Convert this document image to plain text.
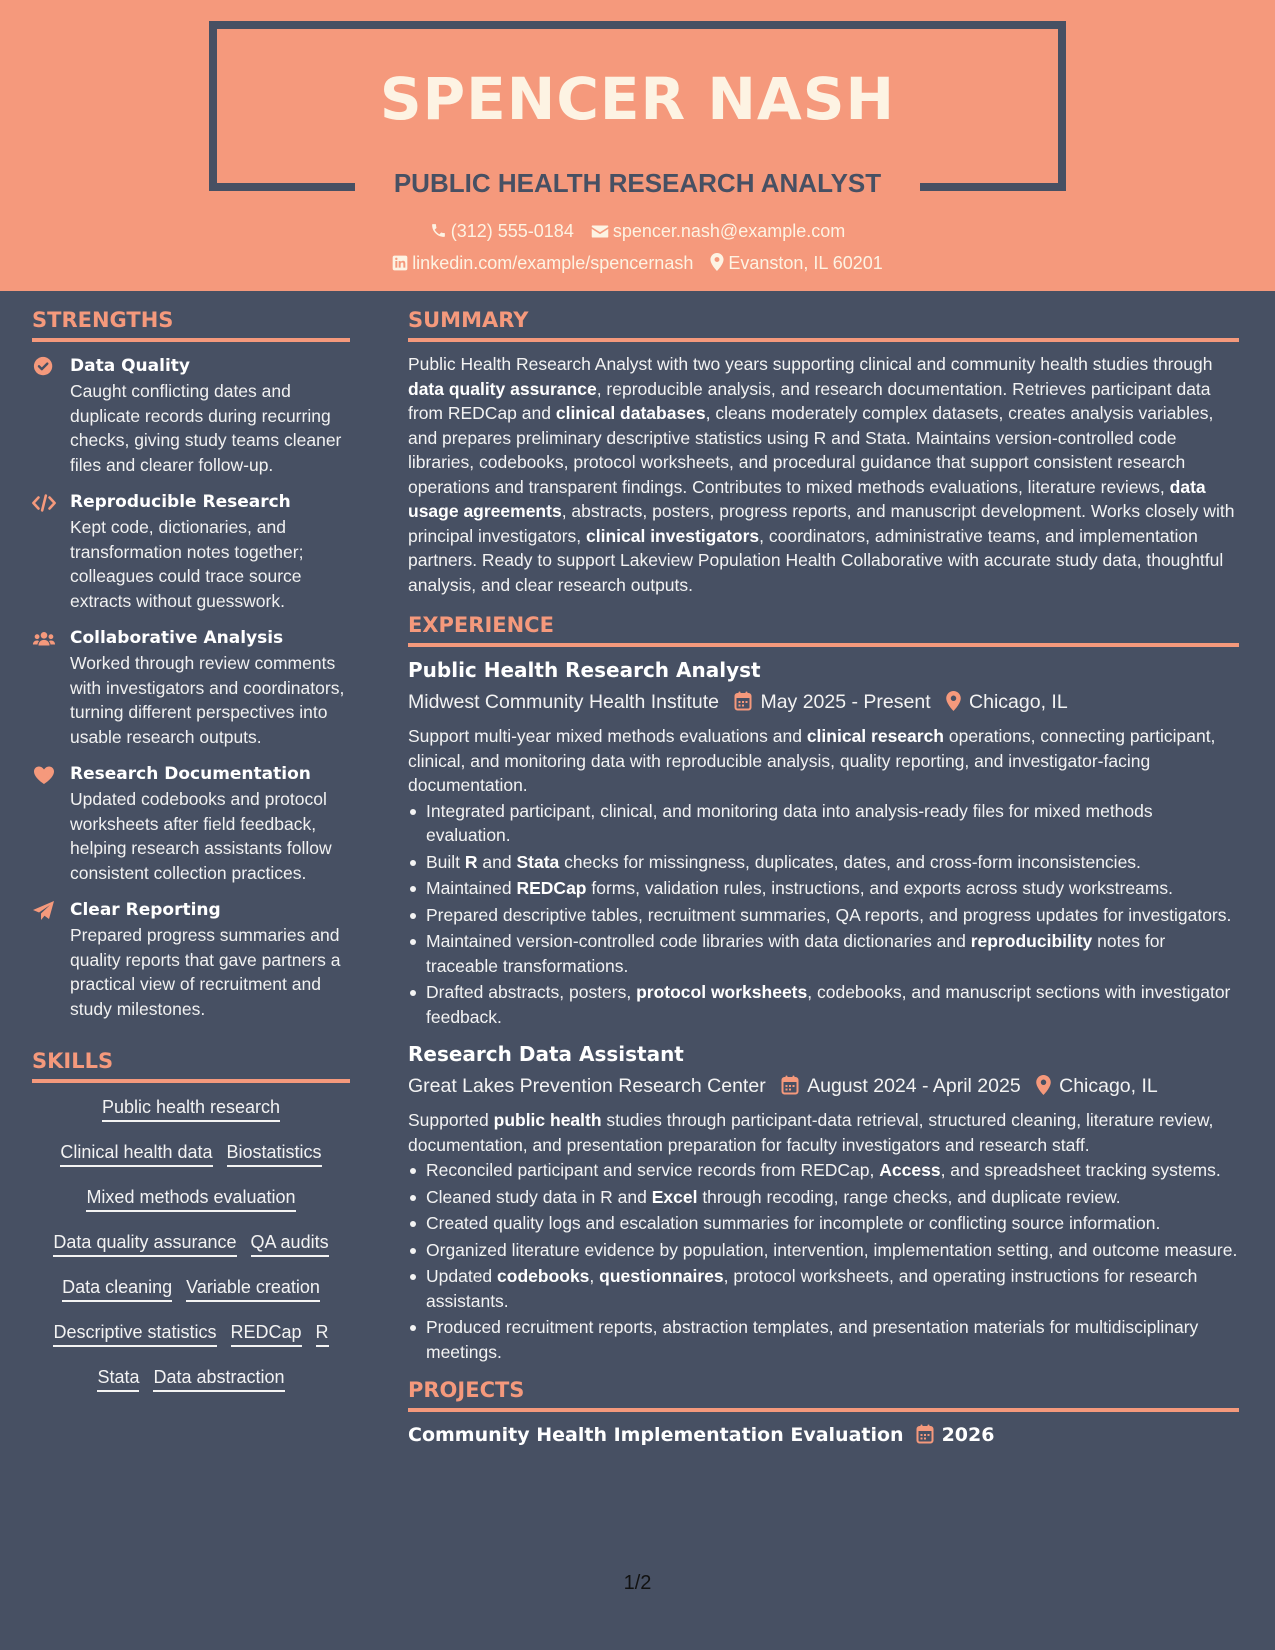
SPENCER NASH
PUBLIC HEALTH RESEARCH ANALYST
(312) 555-0184 spencer.nash@example.com
linkedin.com/example/spencernash Evanston, IL 60201
STRENGTHS
Data Quality
Caught conflicting dates and duplicate records during recurring checks, giving study teams cleaner files and clearer follow-up.
Reproducible Research
Kept code, dictionaries, and transformation notes together; colleagues could trace source extracts without guesswork.
Collaborative Analysis
Worked through review comments with investigators and coordinators, turning different perspectives into usable research outputs.
Research Documentation
Updated codebooks and protocol worksheets after field feedback, helping research assistants follow consistent collection practices.
Clear Reporting
Prepared progress summaries and quality reports that gave partners a practical view of recruitment and study milestones.
SKILLS
Public health research
Clinical health data Biostatistics
Mixed methods evaluation
Data quality assurance QA audits
Data cleaning Variable creation
Descriptive statistics REDCap R
Stata Data abstraction
SUMMARY
Public Health Research Analyst with two years supporting clinical and community health studies through data quality assurance, reproducible analysis, and research documentation. Retrieves participant data from REDCap and clinical databases, cleans moderately complex datasets, creates analysis variables, and prepares preliminary descriptive statistics using R and Stata. Maintains version-controlled code libraries, codebooks, protocol worksheets, and procedural guidance that support consistent research operations and transparent findings. Contributes to mixed methods evaluations, literature reviews, data usage agreements, abstracts, posters, progress reports, and manuscript development. Works closely with principal investigators, clinical investigators, coordinators, administrative teams, and implementation partners. Ready to support Lakeview Population Health Collaborative with accurate study data, thoughtful analysis, and clear research outputs.
EXPERIENCE
Public Health Research Analyst
Midwest Community Health Institute May 2025 - Present Chicago, IL
Support multi-year mixed methods evaluations and clinical research operations, connecting participant, clinical, and monitoring data with reproducible analysis, quality reporting, and investigator-facing documentation.
Integrated participant, clinical, and monitoring data into analysis-ready files for mixed methods evaluation.
Built R and Stata checks for missingness, duplicates, dates, and cross-form inconsistencies.
Maintained REDCap forms, validation rules, instructions, and exports across study workstreams.
Prepared descriptive tables, recruitment summaries, QA reports, and progress updates for investigators.
Maintained version-controlled code libraries with data dictionaries and reproducibility notes for traceable transformations.
Drafted abstracts, posters, protocol worksheets, codebooks, and manuscript sections with investigator feedback.
Research Data Assistant
Great Lakes Prevention Research Center August 2024 - April 2025 Chicago, IL
Supported public health studies through participant-data retrieval, structured cleaning, literature review, documentation, and presentation preparation for faculty investigators and research staff.
Reconciled participant and service records from REDCap, Access, and spreadsheet tracking systems.
Cleaned study data in R and Excel through recoding, range checks, and duplicate review.
Created quality logs and escalation summaries for incomplete or conflicting source information.
Organized literature evidence by population, intervention, implementation setting, and outcome measure.
Updated codebooks, questionnaires, protocol worksheets, and operating instructions for research assistants.
Produced recruitment reports, abstraction templates, and presentation materials for multidisciplinary meetings.
PROJECTS
Community Health Implementation Evaluation 2026
1/2
